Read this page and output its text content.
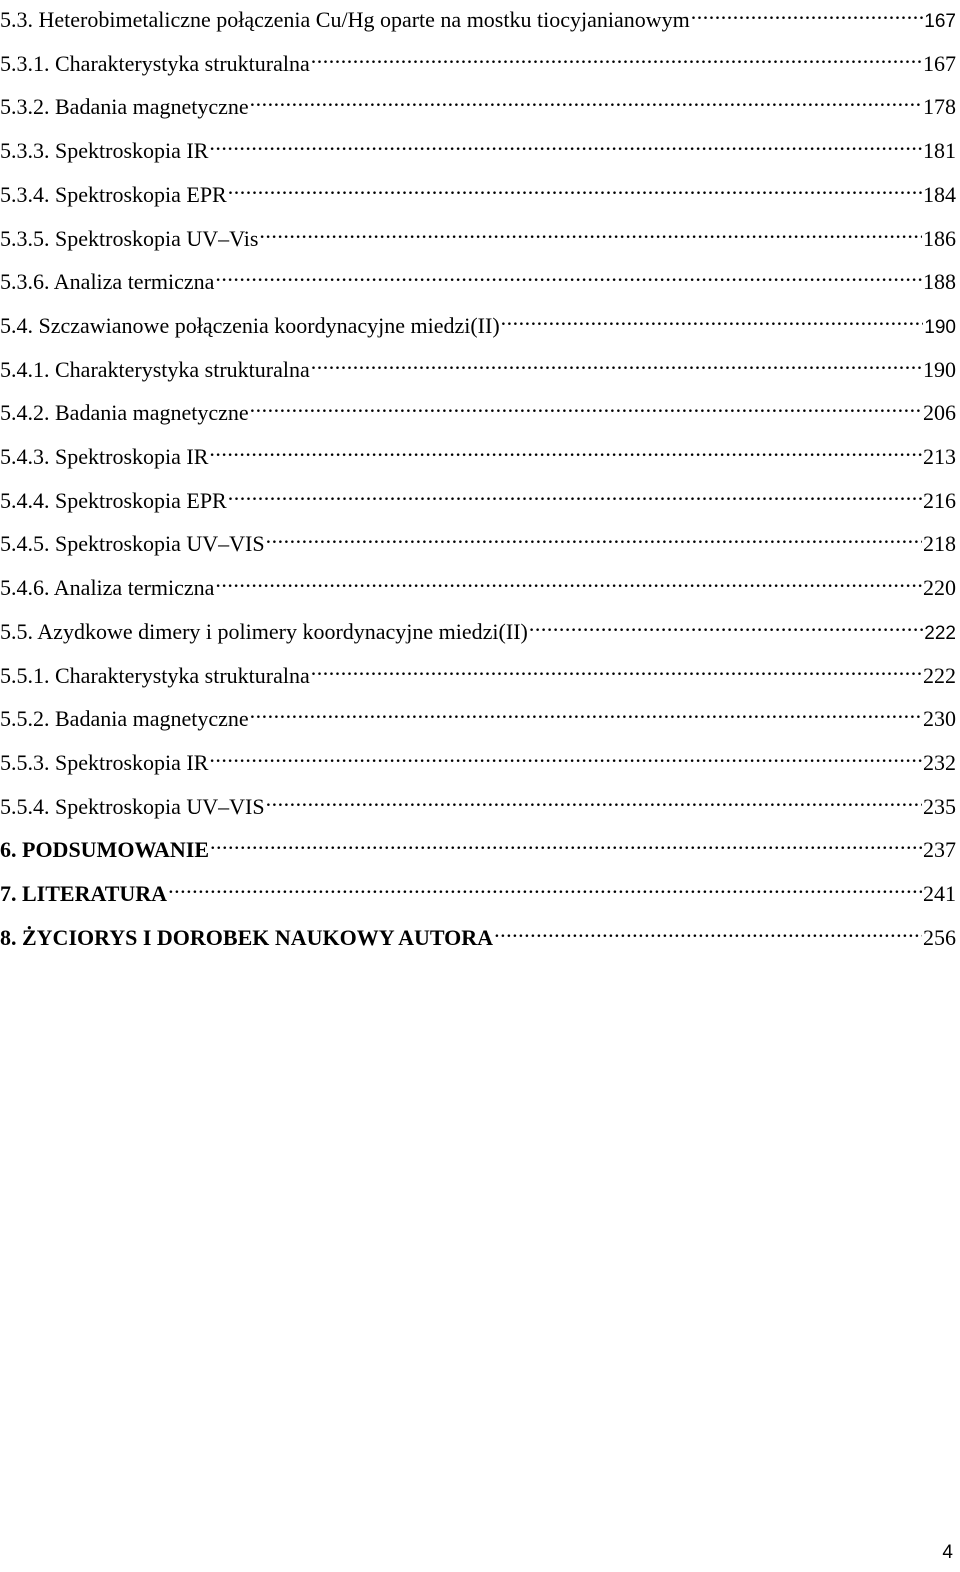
5.3. Heterobimetaliczne połączenia Cu/Hg oparte na mostku tiocyjanianowym .....	167
5.3.1. Charakterystyka strukturalna .....	167
5.3.2. Badania magnetyczne .....	178
5.3.3. Spektroskopia IR .....	181
5.3.4. Spektroskopia EPR .....	184
5.3.5. Spektroskopia UV–Vis .....	186
5.3.6. Analiza termiczna .....	188
5.4. Szczawianowe połączenia koordynacyjne miedzi(II) .....	190
5.4.1. Charakterystyka strukturalna .....	190
5.4.2. Badania magnetyczne .....	206
5.4.3. Spektroskopia IR .....	213
5.4.4. Spektroskopia EPR .....	216
5.4.5. Spektroskopia UV–VIS .....	218
5.4.6. Analiza termiczna .....	220
5.5. Azydkowe dimery i polimery koordynacyjne miedzi(II) .....	222
5.5.1. Charakterystyka strukturalna .....	222
5.5.2. Badania magnetyczne .....	230
5.5.3. Spektroskopia IR .....	232
5.5.4. Spektroskopia UV–VIS .....	235
6. PODSUMOWANIE .....	237
7. LITERATURA .....	241
8. ŻYCIORYS I DOROBEK NAUKOWY AUTORA .....	256
4
